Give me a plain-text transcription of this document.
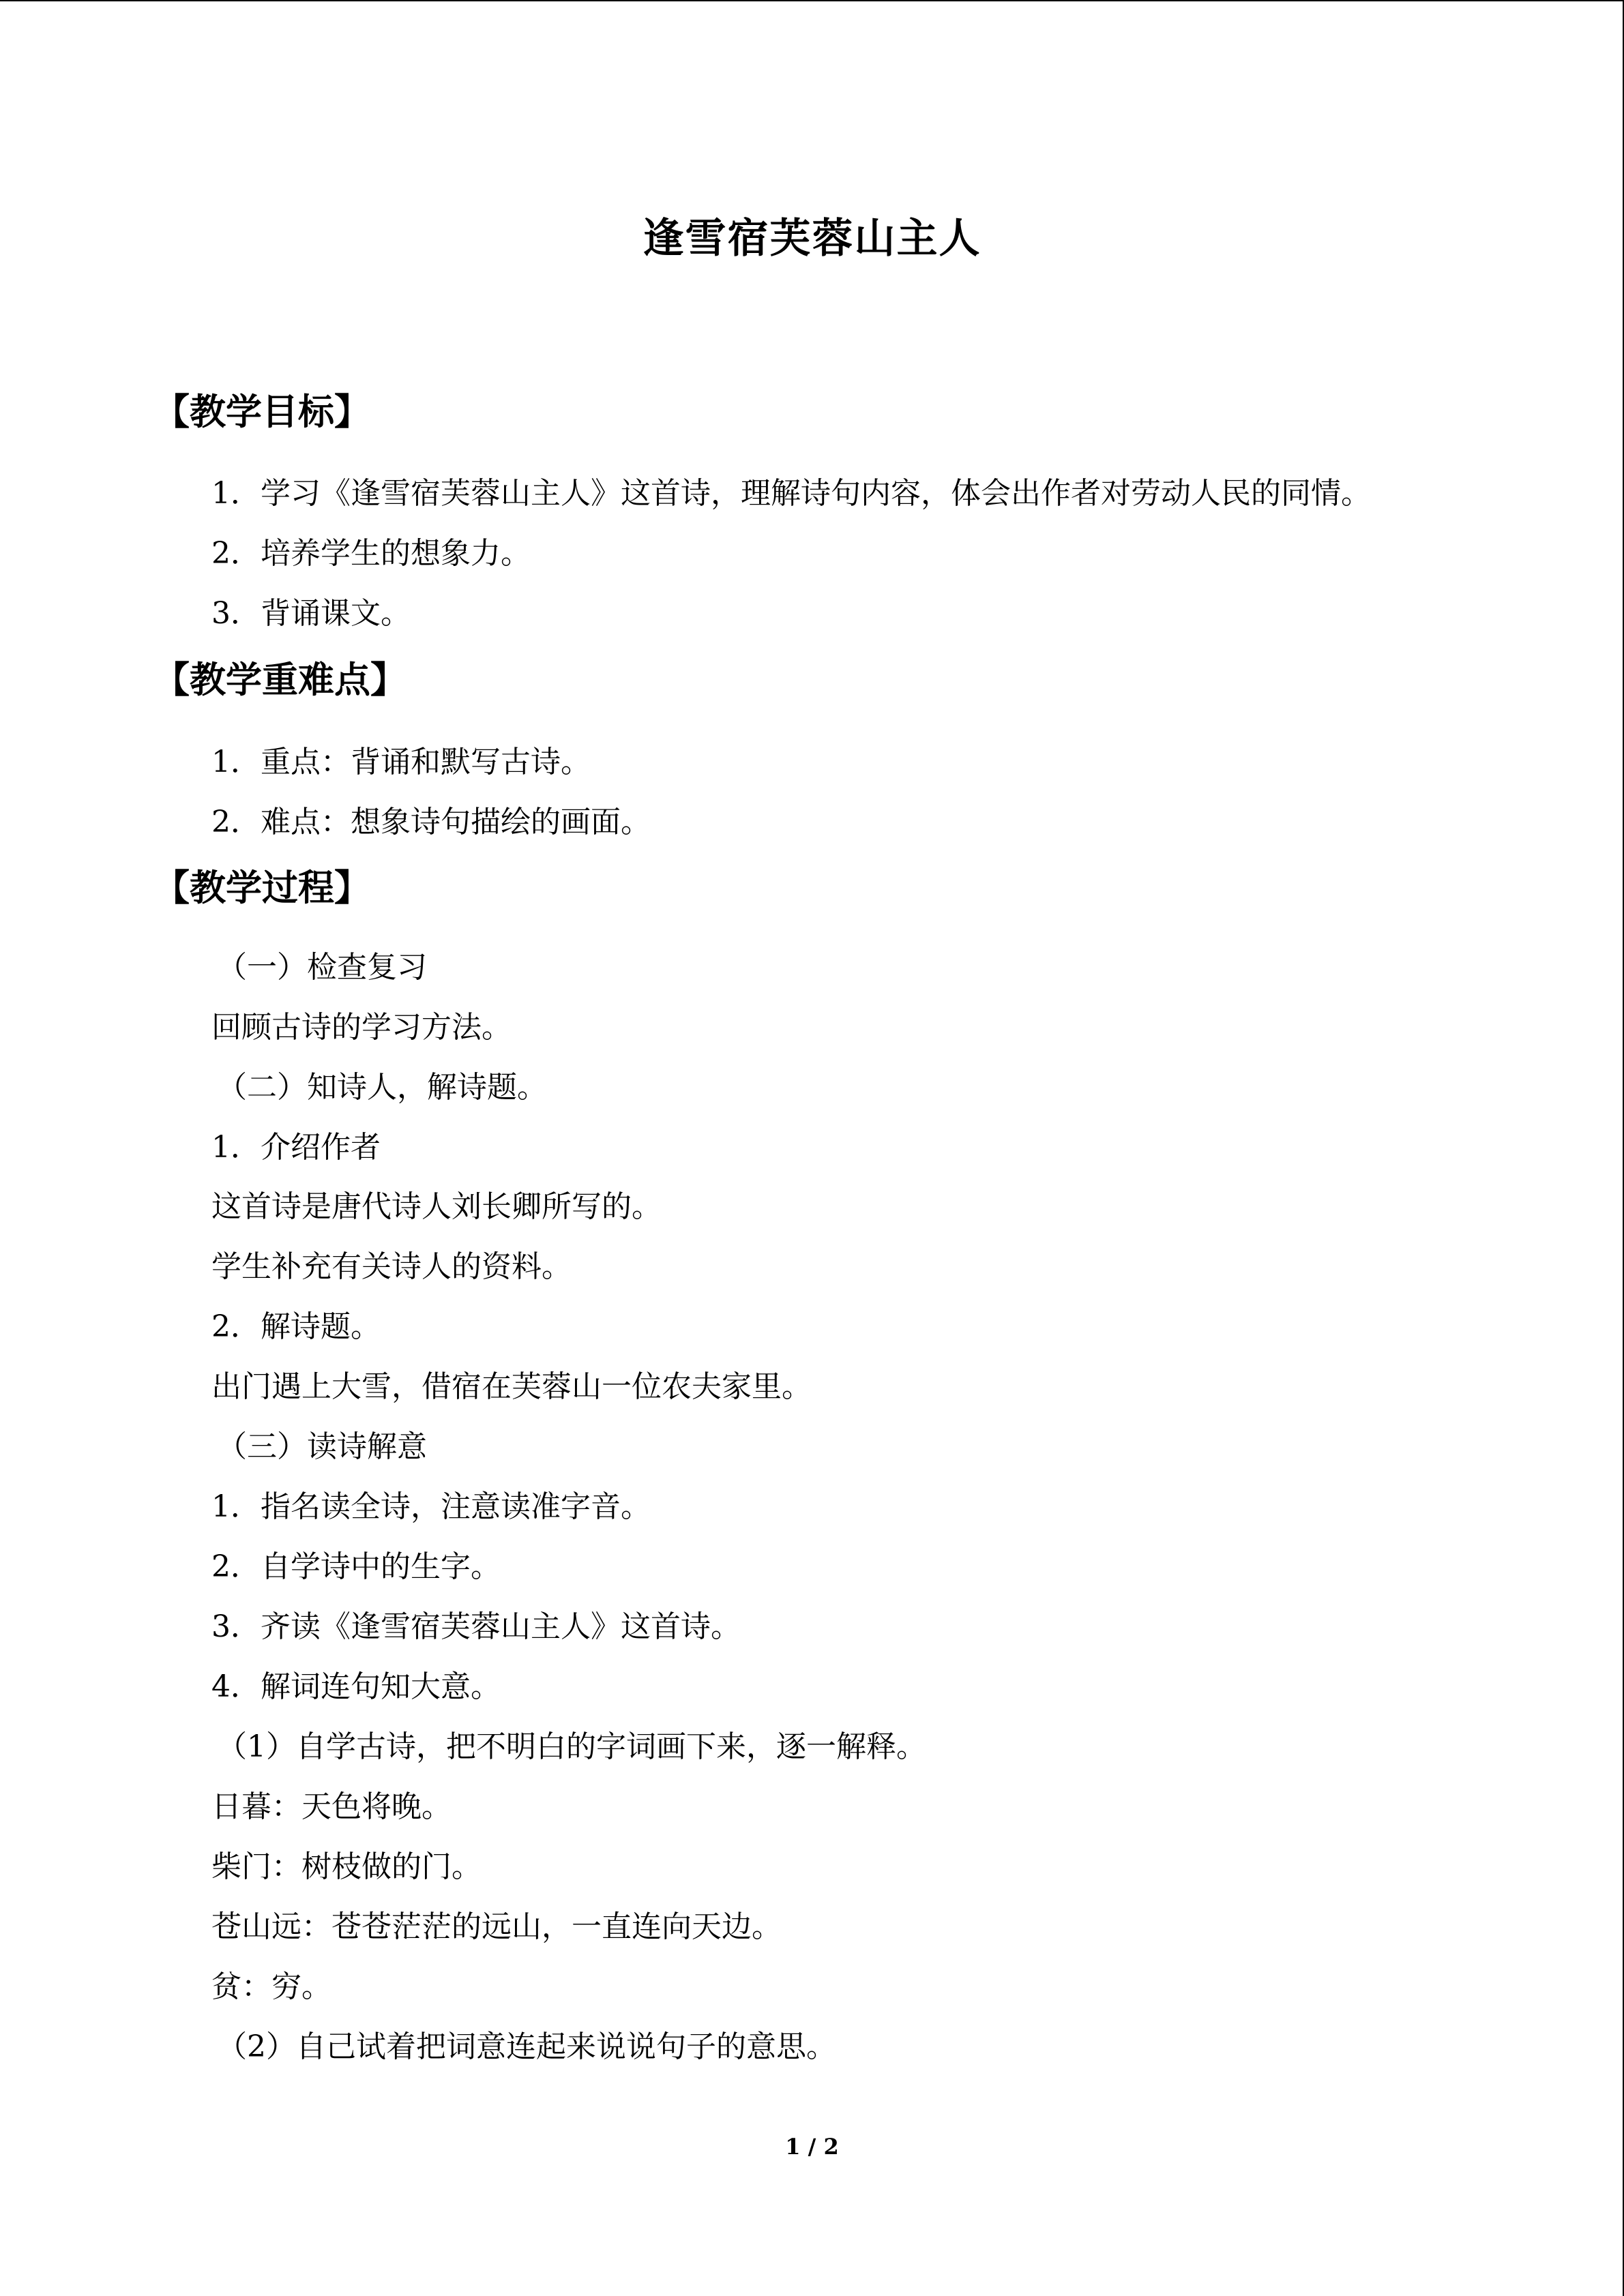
逢雪宿芙蓉山主人
【教学目标】
1．学习《逢雪宿芙蓉山主人》这首诗，理解诗句内容，体会出作者对劳动人民的同情。
2．培养学生的想象力。
3．背诵课文。
【教学重难点】
1．重点：背诵和默写古诗。
2．难点：想象诗句描绘的画面。
【教学过程】
（一）检查复习
回顾古诗的学习方法。
（二）知诗人，解诗题。
1．介绍作者
这首诗是唐代诗人刘长卿所写的。
学生补充有关诗人的资料。
2．解诗题。
出门遇上大雪，借宿在芙蓉山一位农夫家里。
（三）读诗解意
1．指名读全诗，注意读准字音。
2．自学诗中的生字。
3．齐读《逢雪宿芙蓉山主人》这首诗。
4．解词连句知大意。
（1）自学古诗，把不明白的字词画下来，逐一解释。
日暮：天色将晚。
柴门：树枝做的门。
苍山远：苍苍茫茫的远山，一直连向天边。
贫：穷。
（2）自己试着把词意连起来说说句子的意思。
1 / 2
